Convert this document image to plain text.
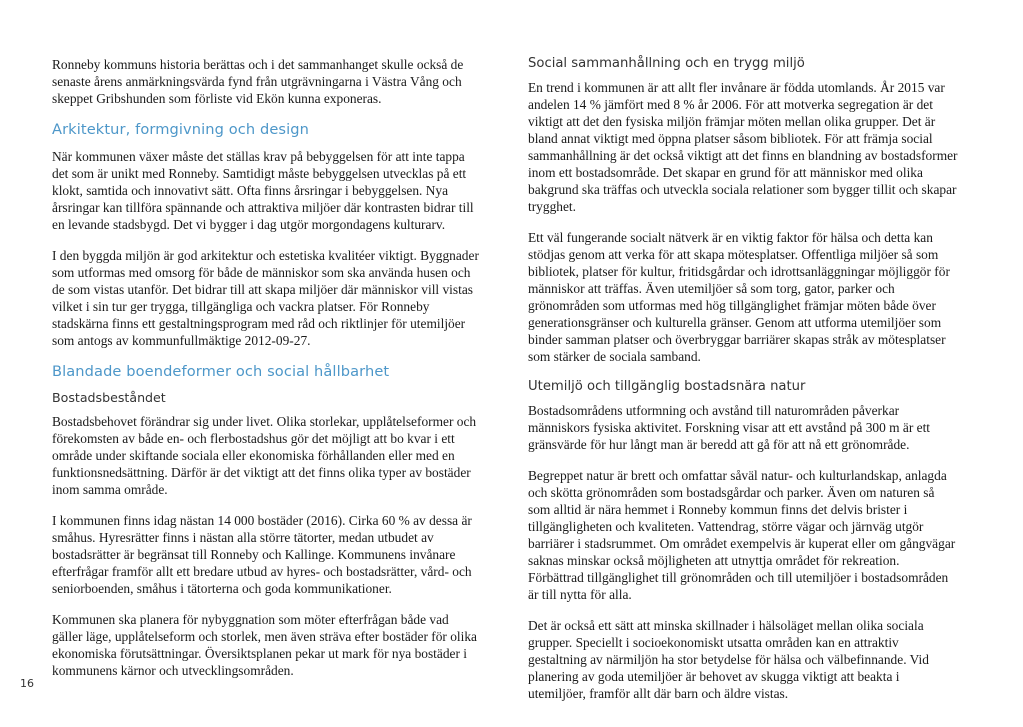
Ronneby kommuns historia berättas och i det sammanhanget skulle också de senaste årens anmärkningsvärda fynd från utgrävningarna i Västra Vång och skeppet Gribshunden som förliste vid Ekön kunna exponeras.

Arkitektur, formgivning och design

När kommunen växer måste det ställas krav på bebyggelsen för att inte tappa det som är unikt med Ronneby. Samtidigt måste bebyggelsen utvecklas på ett klokt, samtida och innovativt sätt. Ofta finns årsringar i bebyggelsen. Nya årsringar kan tillföra spännande och attraktiva miljöer där kontrasten bidrar till en levande stadsbygd. Det vi bygger i dag utgör morgondagens kulturarv.

I den byggda miljön är god arkitektur och estetiska kvalitéer viktigt. Byggnader som utformas med omsorg för både de människor som ska använda husen och de som vistas utanför. Det bidrar till att skapa miljöer där människor vill vistas vilket i sin tur ger trygga, tillgängliga och vackra platser. För Ronneby stadskärna finns ett gestaltningsprogram med råd och riktlinjer för utemiljöer som antogs av kommunfullmäktige 2012-09-27.

Blandade boendeformer och social hållbarhet
Bostadsbeståndet

Bostadsbehovet förändrar sig under livet. Olika storlekar, upplåtelseformer och förekomsten av både en- och flerbostadshus gör det möjligt att bo kvar i ett område under skiftande sociala eller ekonomiska förhållanden eller med en funktionsnedsättning. Därför är det viktigt att det finns olika typer av bostäder inom samma område.

I kommunen finns idag nästan 14 000 bostäder (2016). Cirka 60 % av dessa är småhus. Hyresrätter finns i nästan alla större tätorter, medan utbudet av bostadsrätter är begränsat till Ronneby och Kallinge. Kommunens invånare efterfrågar framför allt ett bredare utbud av hyres- och bostadsrätter, vård- och seniorboenden, småhus i tätorterna och goda kommunikationer.

Kommunen ska planera för nybyggnation som möter efterfrågan både vad gäller läge, upplåtelseform och storlek, men även sträva efter bostäder för olika ekonomiska förutsättningar. Översiktsplanen pekar ut mark för nya bostäder i kommunens kärnor och utvecklingsområden.

Social sammanhållning och en trygg miljö

En trend i kommunen är att allt fler invånare är födda utomlands. År 2015 var andelen 14 % jämfört med 8 % år 2006. För att motverka segregation är det viktigt att det den fysiska miljön främjar möten mellan olika grupper. Det är bland annat viktigt med öppna platser såsom bibliotek. För att främja social sammanhållning är det också viktigt att det finns en blandning av bostadsformer inom ett bostadsområde. Det skapar en grund för att människor med olika bakgrund ska träffas och utveckla sociala relationer som bygger tillit och skapar trygghet.

Ett väl fungerande socialt nätverk är en viktig faktor för hälsa och detta kan stödjas genom att verka för att skapa mötesplatser. Offentliga miljöer så som bibliotek, platser för kultur, fritidsgårdar och idrottsanläggningar möjliggör för människor att träffas. Även utemiljöer så som torg, gator, parker och grönområden som utformas med hög tillgänglighet främjar möten både över generationsgränser och kulturella gränser. Genom att utforma utemiljöer som binder samman platser och överbryggar barriärer skapas stråk av mötesplatser som stärker de sociala samband.

Utemiljö och tillgänglig bostadsnära natur

Bostadsområdens utformning och avstånd till naturområden påverkar människors fysiska aktivitet. Forskning visar att ett avstånd på 300 m är ett gränsvärde för hur långt man är beredd att gå för att nå ett grönområde.

Begreppet natur är brett och omfattar såväl natur- och kulturlandskap, anlagda och skötta grönområden som bostadsgårdar och parker. Även om naturen så som alltid är nära hemmet i Ronneby kommun finns det delvis brister i tillgängligheten och kvaliteten. Vattendrag, större vägar och järnväg utgör barriärer i stadsrummet. Om området exempelvis är kuperat eller om gångvägar saknas minskar också möjligheten att utnyttja området för rekreation. Förbättrad tillgänglighet till grönområden och till utemiljöer i bostadsområden är till nytta för alla.

Det är också ett sätt att minska skillnader i hälsoläget mellan olika sociala grupper. Speciellt i socioekonomiskt utsatta områden kan en attraktiv gestaltning av närmiljön ha stor betydelse för hälsa och välbefinnande. Vid planering av goda utemiljöer är behovet av skugga viktigt att beakta i utemiljöer, framför allt där barn och äldre vistas.

16
